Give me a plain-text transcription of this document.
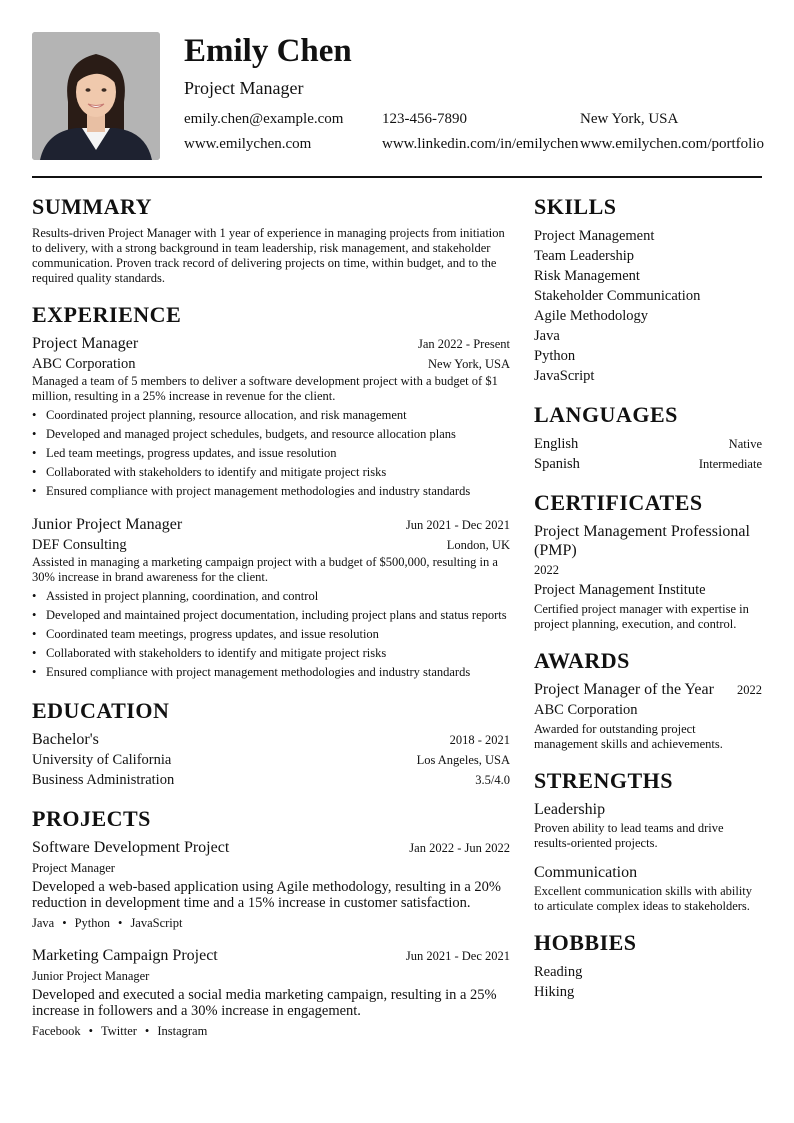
Emily Chen
Project Manager
emily.chen@example.com	123-456-7890	New York, USA
www.emilychen.com	www.linkedin.com/in/emilychen www.emilychen.com/portfolio
SUMMARY
Results-driven Project Manager with 1 year of experience in managing projects from initiation to delivery, with a strong background in team leadership, risk management, and stakeholder communication. Proven track record of delivering projects on time, within budget, and to the required quality standards.
EXPERIENCE
Project Manager	Jan 2022 - Present
ABC Corporation	New York, USA
Managed a team of 5 members to deliver a software development project with a budget of $1 million, resulting in a 25% increase in revenue for the client.
• Coordinated project planning, resource allocation, and risk management
• Developed and managed project schedules, budgets, and resource allocation plans
• Led team meetings, progress updates, and issue resolution
• Collaborated with stakeholders to identify and mitigate project risks
• Ensured compliance with project management methodologies and industry standards
Junior Project Manager	Jun 2021 - Dec 2021
DEF Consulting	London, UK
Assisted in managing a marketing campaign project with a budget of $500,000, resulting in a 30% increase in brand awareness for the client.
• Assisted in project planning, coordination, and control
• Developed and maintained project documentation, including project plans and status reports
• Coordinated team meetings, progress updates, and issue resolution
• Collaborated with stakeholders to identify and mitigate project risks
• Ensured compliance with project management methodologies and industry standards
EDUCATION
Bachelor's	2018 - 2021
University of California	Los Angeles, USA
Business Administration	3.5/4.0
PROJECTS
Software Development Project	Jan 2022 - Jun 2022
Project Manager
Developed a web-based application using Agile methodology, resulting in a 20% reduction in development time and a 15% increase in customer satisfaction.
Java • Python • JavaScript
Marketing Campaign Project	Jun 2021 - Dec 2021
Junior Project Manager
Developed and executed a social media marketing campaign, resulting in a 25% increase in followers and a 30% increase in engagement.
Facebook • Twitter • Instagram
SKILLS
Project Management
Team Leadership
Risk Management
Stakeholder Communication
Agile Methodology
Java
Python
JavaScript
LANGUAGES
English	Native
Spanish	Intermediate
CERTIFICATES
Project Management Professional (PMP)
2022
Project Management Institute
Certified project manager with expertise in project planning, execution, and control.
AWARDS
Project Manager of the Year 2022
ABC Corporation
Awarded for outstanding project management skills and achievements.
STRENGTHS
Leadership
Proven ability to lead teams and drive results-oriented projects.
Communication
Excellent communication skills with ability to articulate complex ideas to stakeholders.
HOBBIES
Reading
Hiking
